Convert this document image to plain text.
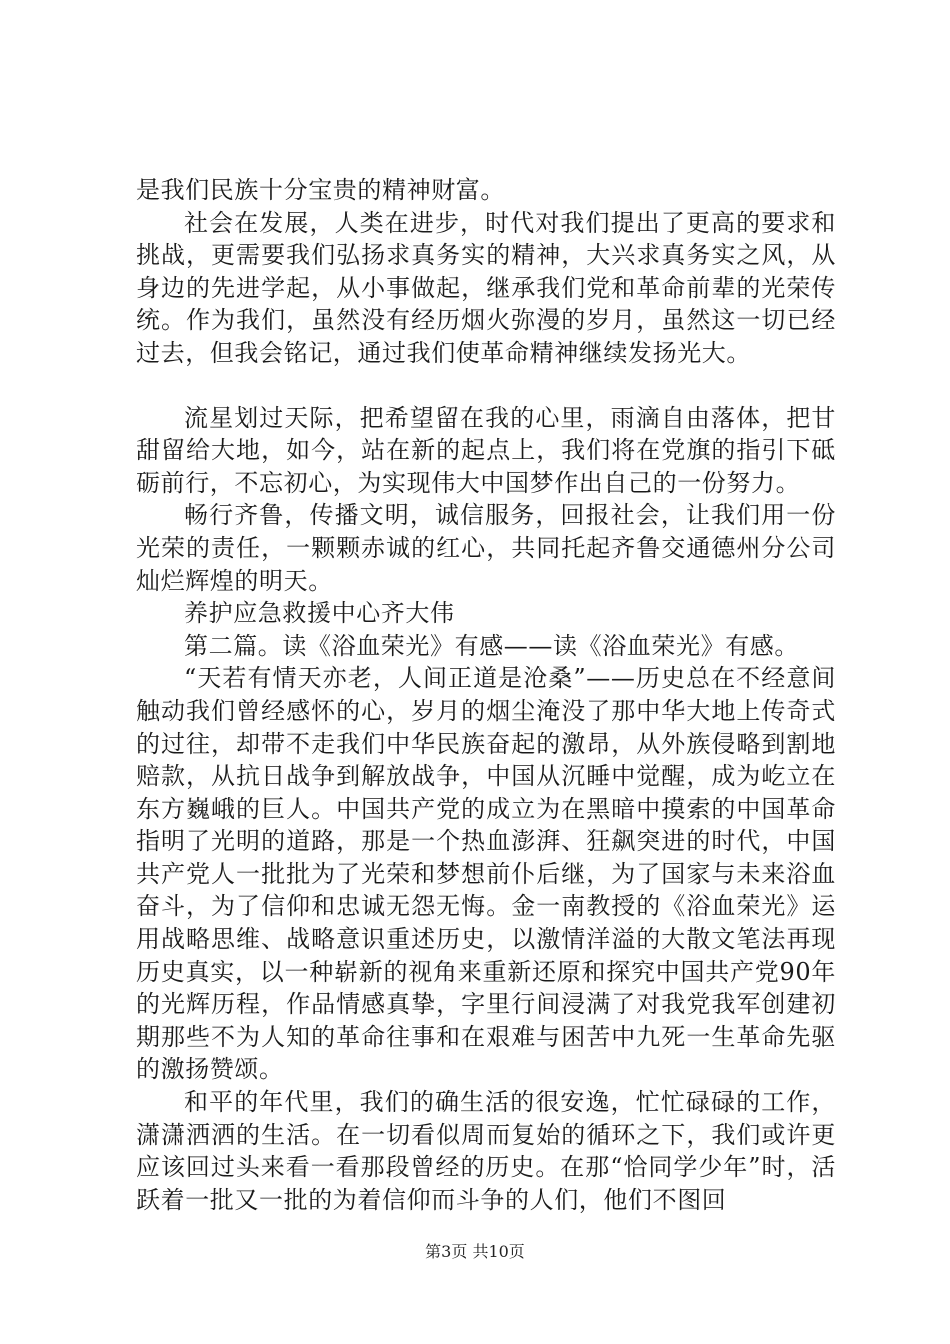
是我们民族十分宝贵的精神财富。

社会在发展，人类在进步，时代对我们提出了更高的要求和挑战，更需要我们弘扬求真务实的精神，大兴求真务实之风，从身边的先进学起，从小事做起，继承我们党和革命前辈的光荣传统。作为我们，虽然没有经历烟火弥漫的岁月，虽然这一切已经过去，但我会铭记，通过我们使革命精神继续发扬光大。

流星划过天际，把希望留在我的心里，雨滴自由落体，把甘甜留给大地，如今，站在新的起点上，我们将在党旗的指引下砥砺前行，不忘初心，为实现伟大中国梦作出自己的一份努力。

畅行齐鲁，传播文明，诚信服务，回报社会，让我们用一份光荣的责任，一颗颗赤诚的红心，共同托起齐鲁交通德州分公司灿烂辉煌的明天。

养护应急救援中心齐大伟

第二篇。读《浴血荣光》有感——读《浴血荣光》有感。

“天若有情天亦老，人间正道是沧桑”——历史总在不经意间触动我们曾经感怀的心，岁月的烟尘淹没了那中华大地上传奇式的过往，却带不走我们中华民族奋起的激昂，从外族侵略到割地赔款，从抗日战争到解放战争，中国从沉睡中觉醒，成为屹立在东方巍峨的巨人。中国共产党的成立为在黑暗中摸索的中国革命指明了光明的道路，那是一个热血澎湃、狂飙突进的时代，中国共产党人一批批为了光荣和梦想前仆后继，为了国家与未来浴血奋斗，为了信仰和忠诚无怨无悔。金一南教授的《浴血荣光》运用战略思维、战略意识重述历史，以激情洋溢的大散文笔法再现历史真实，以一种崭新的视角来重新还原和探究中国共产党90年的光辉历程，作品情感真挚，字里行间浸满了对我党我军创建初期那些不为人知的革命往事和在艰难与困苦中九死一生革命先驱的激扬赞颂。

和平的年代里，我们的确生活的很安逸，忙忙碌碌的工作，潇潇洒洒的生活。在一切看似周而复始的循环之下，我们或许更应该回过头来看一看那段曾经的历史。在那“恰同学少年”时，活跃着一批又一批的为着信仰而斗争的人们，他们不图回

第3页 共10页
